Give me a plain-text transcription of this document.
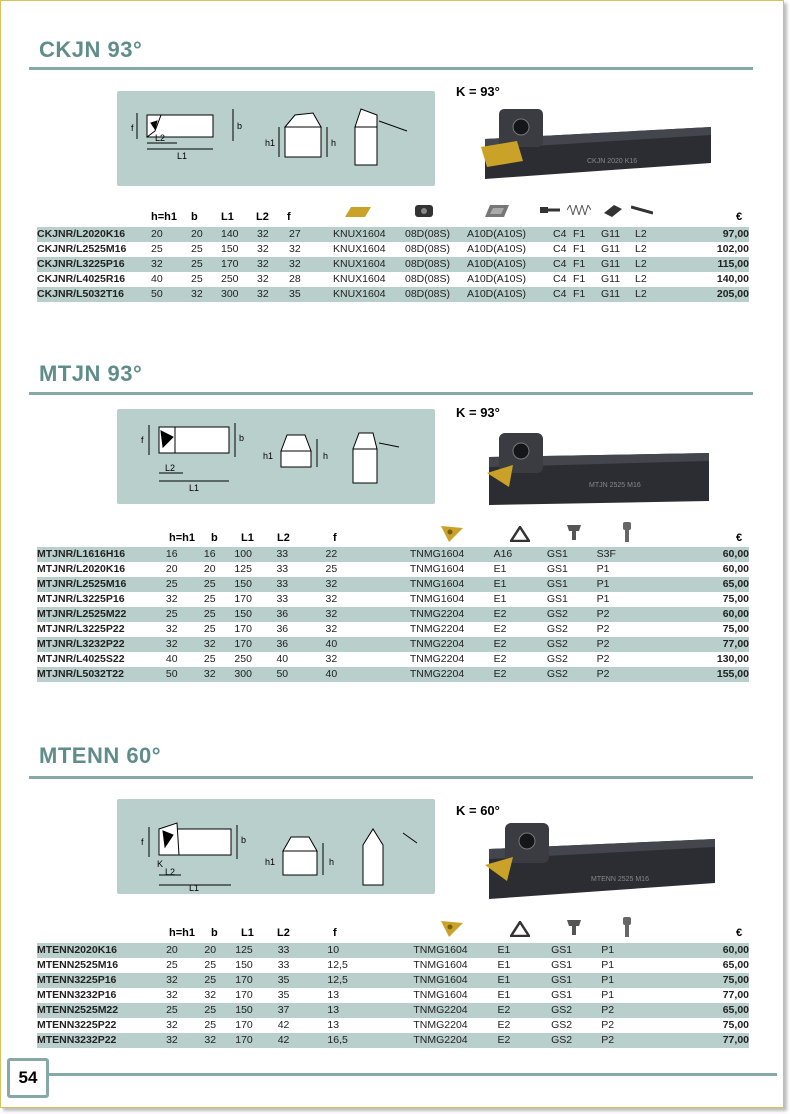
CKJN 93°
f	b
L2
L1
h1	h
K = 93°
CKJN 2020 K16
h=h1 b L1 L2 f	€
CKJNR/L2020K16	20	20	140	32	27	KNUX1604	08D(08S)	A10D(A10S)	C4	F1	G11	L2	97,00
CKJNR/L2525M16	25	25	150	32	32	KNUX1604	08D(08S)	A10D(A10S)	C4	F1	G11	L2	102,00
CKJNR/L3225P16	32	25	170	32	32	KNUX1604	08D(08S)	A10D(A10S)	C4	F1	G11	L2	115,00
CKJNR/L4025R16	40	25	250	32	28	KNUX1604	08D(08S)	A10D(A10S)	C4	F1	G11	L2	140,00
CKJNR/L5032T16	50	32	300	32	35	KNUX1604	08D(08S)	A10D(A10S)	C4	F1	G11	L2	205,00
MTJN 93°
f	b
L2
L1
h1	h
K = 93°
MTJN 2525 M16
h=h1 b L1 L2	f	€
MTJNR/L1616H16	16	16	100	33	22	TNMG1604	A16	GS1	S3F	60,00
MTJNR/L2020K16	20	20	125	33	25	TNMG1604	E1	GS1	P1	60,00
MTJNR/L2525M16	25	25	150	33	32	TNMG1604	E1	GS1	P1	65,00
MTJNR/L3225P16	32	25	170	33	32	TNMG1604	E1	GS1	P1	75,00
MTJNR/L2525M22	25	25	150	36	32	TNMG2204	E2	GS2	P2	60,00
MTJNR/L3225P22	32	25	170	36	32	TNMG2204	E2	GS2	P2	75,00
MTJNR/L3232P22	32	32	170	36	40	TNMG2204	E2	GS2	P2	77,00
MTJNR/L4025S22	40	25	250	40	32	TNMG2204	E2	GS2	P2	130,00
MTJNR/L5032T22	50	32	300	50	40	TNMG2204	E2	GS2	P2	155,00
MTENN 60°
f	b
K
L2
L1
h1	h
K = 60°
MTENN 2525 M16
h=h1 b L1 L2	f	€
MTENN2020K16	20	20	125	33	10	TNMG1604	E1	GS1	P1	60,00
MTENN2525M16	25	25	150	33	12,5	TNMG1604	E1	GS1	P1	65,00
MTENN3225P16	32	25	170	35	12,5	TNMG1604	E1	GS1	P1	75,00
MTENN3232P16	32	32	170	35	13	TNMG1604	E1	GS1	P1	77,00
MTENN2525M22	25	25	150	37	13	TNMG2204	E2	GS2	P2	65,00
MTENN3225P22	32	25	170	42	13	TNMG2204	E2	GS2	P2	75,00
MTENN3232P22	32	32	170	42	16,5	TNMG2204	E2	GS2	P2	77,00
54
